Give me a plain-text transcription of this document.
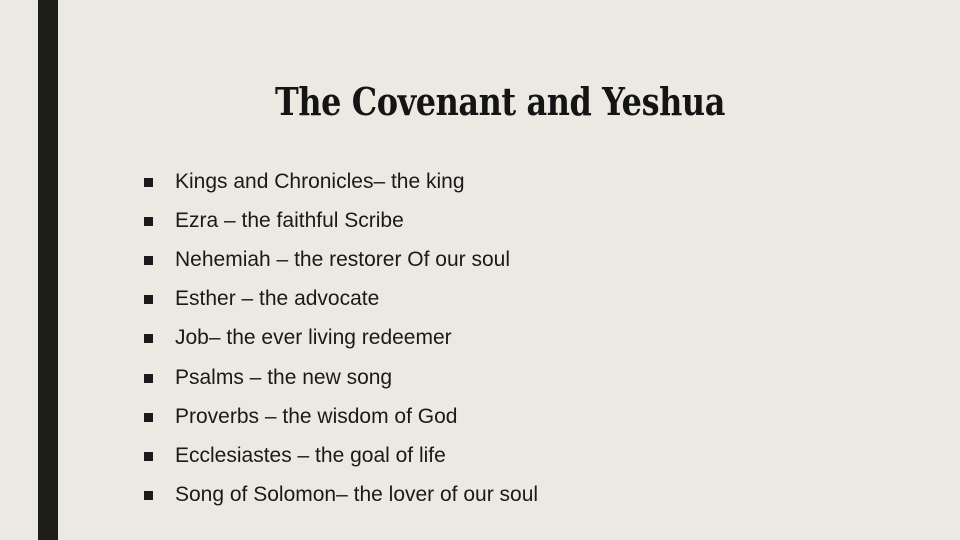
The Covenant and Yeshua
Kings and Chronicles– the king
Ezra – the faithful Scribe
Nehemiah – the restorer Of our soul
Esther – the advocate
Job– the ever living redeemer
Psalms – the new song
Proverbs – the wisdom of God
Ecclesiastes – the goal of life
Song of Solomon– the lover of our soul
